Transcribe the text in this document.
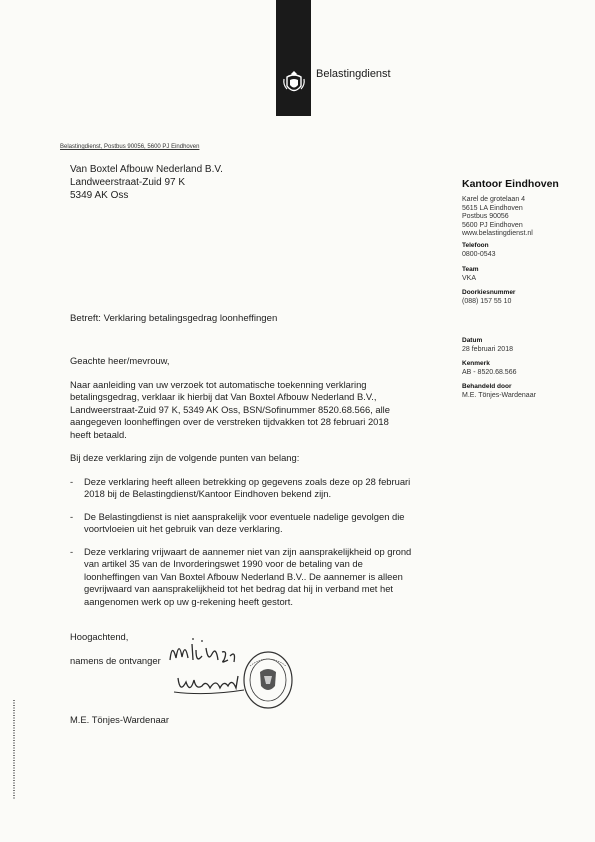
Belastingdienst
Belastingdienst, Postbus 90056, 5600 PJ Eindhoven
Van Boxtel Afbouw Nederland B.V.
Landweerstraat-Zuid 97 K
5349 AK Oss
Kantoor Eindhoven
Karel de grotelaan 4
5615 LA Eindhoven
Postbus 90056
5600 PJ Eindhoven
www.belastingdienst.nl
Telefoon
0800-0543
Team
VKA
Doorkiesnummer
(088) 157 55 10
Datum
28 februari 2018
Kenmerk
AB - 8520.68.566
Behandeld door
M.E. Tönjes-Wardenaar
Betreft: Verklaring betalingsgedrag loonheffingen
Geachte heer/mevrouw,
Naar aanleiding van uw verzoek tot automatische toekenning verklaring
betalingsgedrag, verklaar ik hierbij dat Van Boxtel Afbouw Nederland B.V.,
Landweerstraat-Zuid 97 K, 5349 AK Oss, BSN/Sofinummer 8520.68.566, alle
aangegeven loonheffingen over de verstreken tijdvakken tot 28 februari 2018
heeft betaald.
Bij deze verklaring zijn de volgende punten van belang:
- Deze verklaring heeft alleen betrekking op gegevens zoals deze op 28 februari
2018 bij de Belastingdienst/Kantoor Eindhoven bekend zijn.
- De Belastingdienst is niet aansprakelijk voor eventuele nadelige gevolgen die
voortvloeien uit het gebruik van deze verklaring.
- Deze verklaring vrijwaart de aannemer niet van zijn aansprakelijkheid op grond
van artikel 35 van de Invorderingswet 1990 voor de betaling van de
loonheffingen van Van Boxtel Afbouw Nederland B.V.. De aannemer is alleen
gevrijwaard van aansprakelijkheid tot het bedrag dat hij in verband met het
aangenomen werk op uw g-rekening heeft gestort.
Hoogachtend,
namens de ontvanger
M.E. Tönjes-Wardenaar
